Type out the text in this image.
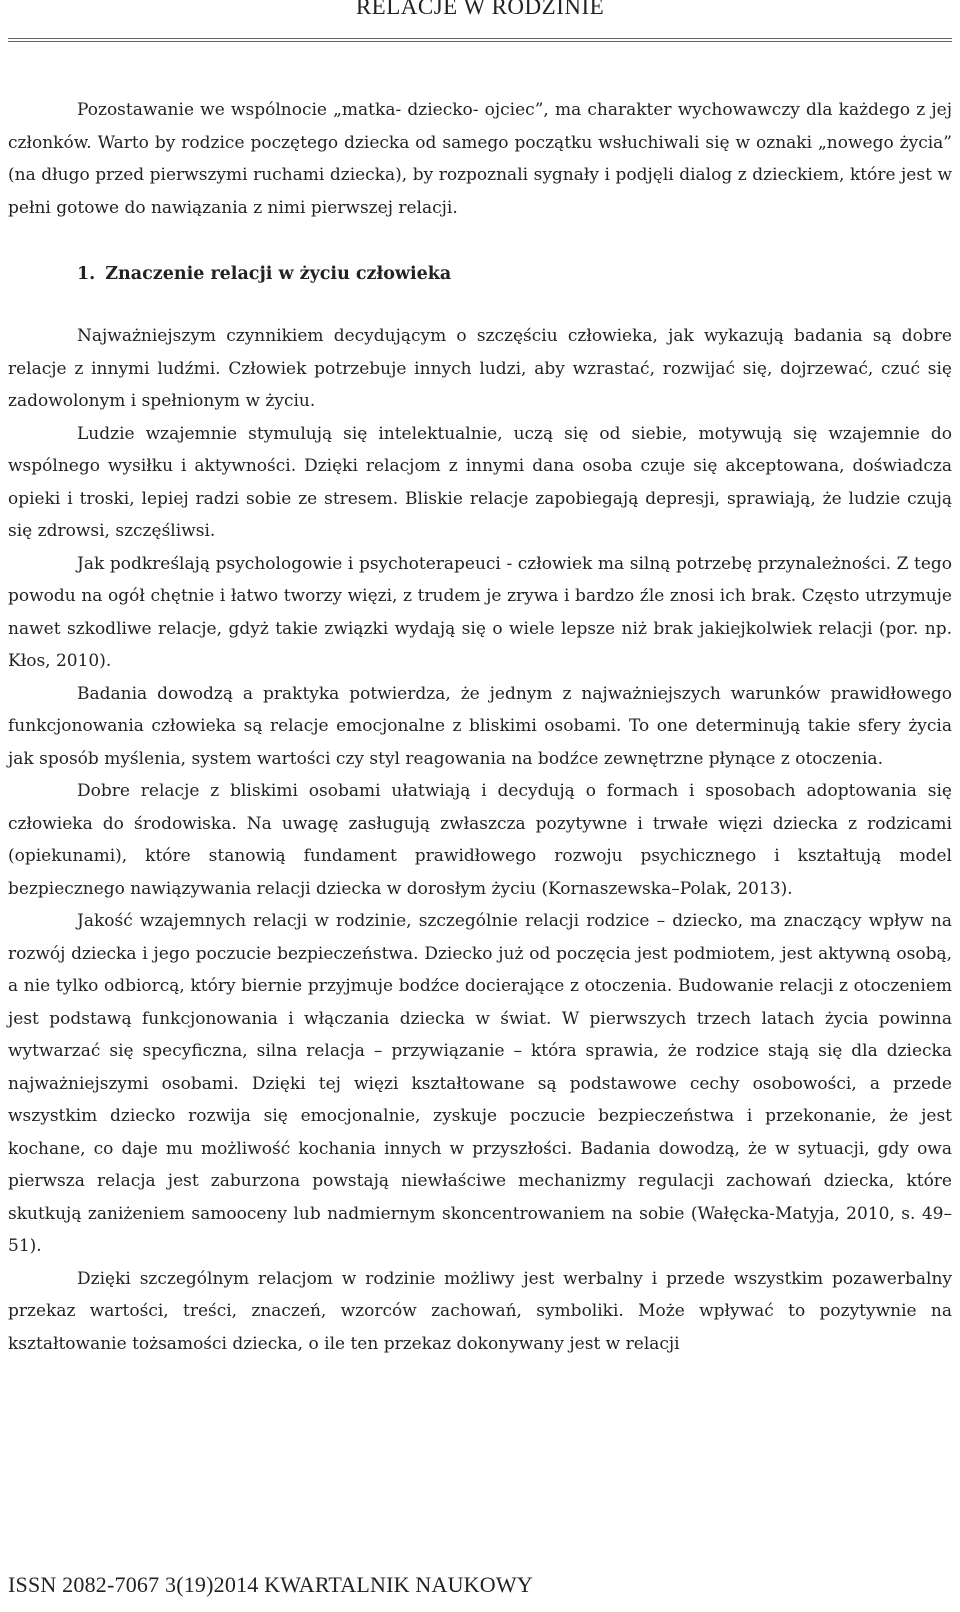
RELACJE W RODZINIE

Pozostawanie we wspólnocie „matka- dziecko- ojciec”, ma charakter wychowawczy dla każdego z jej członków. Warto by rodzice poczętego dziecka od samego początku wsłuchiwali się w oznaki „nowego życia” (na długo przed pierwszymi ruchami dziecka), by rozpoznali sygnały i podjęli dialog z dzieckiem, które jest w pełni gotowe do nawiązania z nimi pierwszej relacji.

1. Znaczenie relacji w życiu człowieka

Najważniejszym czynnikiem decydującym o szczęściu człowieka, jak wykazują badania są dobre relacje z innymi ludźmi. Człowiek potrzebuje innych ludzi, aby wzrastać, rozwijać się, dojrzewać, czuć się zadowolonym i spełnionym w życiu.

Ludzie wzajemnie stymulują się intelektualnie, uczą się od siebie, motywują się wzajemnie do wspólnego wysiłku i aktywności. Dzięki relacjom z innymi dana osoba czuje się akceptowana, doświadcza opieki i troski, lepiej radzi sobie ze stresem. Bliskie relacje zapobiegają depresji, sprawiają, że ludzie czują się zdrowsi, szczęśliwsi.

Jak podkreślają psychologowie i psychoterapeuci - człowiek ma silną potrzebę przynależności. Z tego powodu na ogół chętnie i łatwo tworzy więzi, z trudem je zrywa i bardzo źle znosi ich brak. Często utrzymuje nawet szkodliwe relacje, gdyż takie związki wydają się o wiele lepsze niż brak jakiejkolwiek relacji (por. np. Kłos, 2010).

Badania dowodzą a praktyka potwierdza, że jednym z najważniejszych warunków prawidłowego funkcjonowania człowieka są relacje emocjonalne z bliskimi osobami. To one determinują takie sfery życia jak sposób myślenia, system wartości czy styl reagowania na bodźce zewnętrzne płynące z otoczenia.

Dobre relacje z bliskimi osobami ułatwiają i decydują o formach i sposobach adoptowania się człowieka do środowiska. Na uwagę zasługują zwłaszcza pozytywne i trwałe więzi dziecka z rodzicami (opiekunami), które stanowią fundament prawidłowego rozwoju psychicznego i kształtują model bezpiecznego nawiązywania relacji dziecka w dorosłym życiu (Kornaszewska–Polak, 2013).

Jakość wzajemnych relacji w rodzinie, szczególnie relacji rodzice – dziecko, ma znaczący wpływ na rozwój dziecka i jego poczucie bezpieczeństwa. Dziecko już od poczęcia jest podmiotem, jest aktywną osobą, a nie tylko odbiorcą, który biernie przyjmuje bodźce docierające z otoczenia. Budowanie relacji z otoczeniem jest podstawą funkcjonowania i włączania dziecka w świat. W pierwszych trzech latach życia powinna wytwarzać się specyficzna, silna relacja – przywiązanie – która sprawia, że rodzice stają się dla dziecka najważniejszymi osobami. Dzięki tej więzi kształtowane są podstawowe cechy osobowości, a przede wszystkim dziecko rozwija się emocjonalnie, zyskuje poczucie bezpieczeństwa i przekonanie, że jest kochane, co daje mu możliwość kochania innych w przyszłości. Badania dowodzą, że w sytuacji, gdy owa pierwsza relacja jest zaburzona powstają niewłaściwe mechanizmy regulacji zachowań dziecka, które skutkują zaniżeniem samooceny lub nadmiernym skoncentrowaniem na sobie (Wałęcka-Matyja, 2010, s. 49–51).

Dzięki szczególnym relacjom w rodzinie możliwy jest werbalny i przede wszystkim pozawerbalny przekaz wartości, treści, znaczeń, wzorców zachowań, symboliki. Może wpływać to pozytywnie na kształtowanie tożsamości dziecka, o ile ten przekaz dokonywany jest w relacji

ISSN 2082-7067 3(19)2014 KWARTALNIK NAUKOWY
